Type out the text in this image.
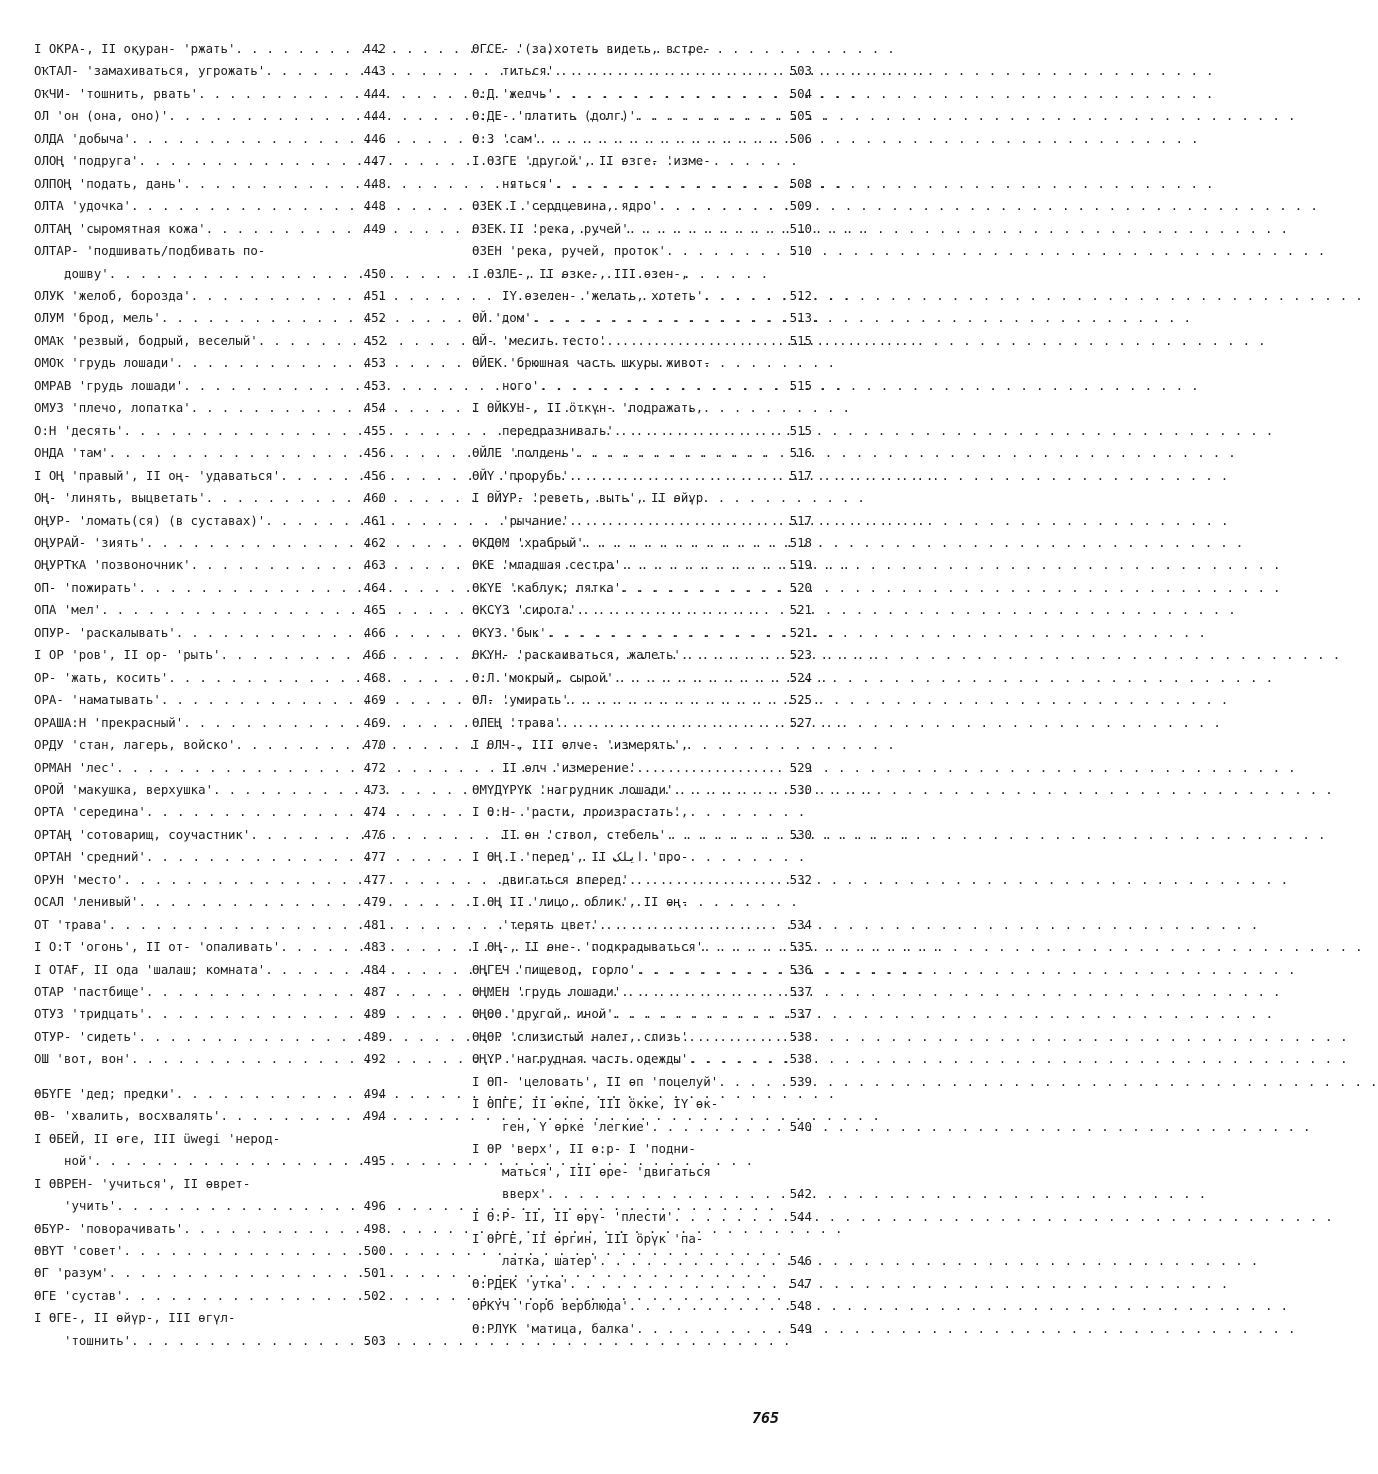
I ОКРА-, II оқуран- 'ржать' . . .	442
ОҠТАЛ- 'замахиваться, угрожать' . . .	443
ОҠЧИ- 'тошнить, рвать' . . .	444
ОЛ 'он (она, оно)' . . .	444
ОЛДА 'добыча' . . .	446
ОЛОҢ 'подруга' . . .	447
ОЛПОҢ 'подать, дань' . . .	448
ОЛТА 'удочка' . . .	448
ОЛТАҢ 'сыромятная кожа' . . .	449
ОЛТАР- 'подшивать/подбивать по-
дошву' . . .	450
ОЛУК 'желоб, борозда' . . .	451
ОЛУМ 'брод, мель' . . .	452
ОМАҠ 'резвый, бодрый, веселый' . . .	452
ОМОҠ 'грудь лошади' . . .	453
ОМРАВ 'грудь лошади' . . .	453
ОМУЗ 'плечо, лопатка' . . .	454
О:Н 'десять' . . .	455
ОНДА 'там' . . .	456
I ОҢ 'правый', II оң- 'удаваться' . . .	456
ОҢ- 'линять, выцветать' . . .	460
ОҢУР- 'ломать(ся) (в суставах)' . . .	461
ОҢУРАЙ- 'зиять' . . .	462
ОҢУРТҠА 'позвоночник' . . .	463
ОП- 'пожирать' . . .	464
ОПА 'мел' . . .	465
ОПУР- 'раскалывать' . . .	466
I ОР 'ров', II ор- 'рыть' . . .	466
ОР- 'жать, косить' . . .	468
ОРА- 'наматывать' . . .	469
ОРАША:Н 'прекрасный' . . .	469
ОРДУ 'стан, лагерь, войско' . . .	470
ОРМАН 'лес' . . .	472
ОРОЙ 'макушка, верхушка' . . .	473
ОРТА 'середина' . . .	474
ОРТАҢ 'сотоварищ, соучастник' . . .	476
ОРТАН 'средний' . . .	477
ОРУН 'место' . . .	477
ОСАЛ 'ленивый' . . .	479
ОТ 'трава' . . .	481
I О:Т 'огонь', II от- 'опаливать' . . .	483
I ОТАҒ, II ода 'шалаш; комната' . . .	484
ОТАР 'пастбище' . . .	487
ОТУЗ 'тридцать' . . .	489
ОТУР- 'сидеть' . . .	489
ОШ 'вот, вон' . . .	492
ӨБҮГЕ 'дед; предки' . . .	494
ӨВ- 'хвалить, восхвалять' . . .	494
I ӨБЕЙ, II өге, III üwegi 'нерод-
ной' . . .	495
I ӨВРЕН- 'учиться', II өврет-
'учить' . . .	496
ӨБҮР- 'поворачивать' . . .	498
ӨВҮТ 'совет' . . .	500
ӨГ 'разум' . . .	501
ӨГЕ 'сустав' . . .	502
I ӨГЕ-, II өйүр-, III өгүл-
'тошнить' . . .	503
ӨГСЕ- '(за)хотеть видеть, встре-
титься' . . .	503
Ө:Д 'желчь' . . .	504
Ө:ДЕ- 'платить (долг)' . . .	505
Ө:З 'сам' . . .	506
I ӨЗГЕ 'другой', II өзге- 'изме-
няться' . . .	508
ӨЗЕК I 'сердцевина, ядро' . . .	509
ӨЗЕК II 'река, ручей' . . .	510
ӨЗЕН 'река, ручей, проток' . . .	510
I ӨЗЛЕ-, II өзке-, III өзен-,
IY өзелен- 'желать, хотеть' . . .	512
ӨЙ 'дом' . . .	513
ӨЙ- 'месить тесто' . . .	515
ӨЙЕК 'брюшная часть шкуры живот-
ного' . . .	515
I ӨЙКУН-, II öткүн- 'подражать,
передразнивать' . . .	515
ӨЙЛЕ 'полдень' . . .	516
ӨЙҮ 'прорубь' . . .	517
I ӨЙҮР- 'реветь, выть', II өйүр
'рычание' . . .	517
ӨКДӨМ 'храбрый' . . .	518
ӨКЕ 'младшая сестра' . . .	519
ӨКҮЕ 'каблук; пятка' . . .	520
ӨКСҮЗ 'сирота' . . .	521
ӨКҮЗ 'бык' . . .	521
ӨКҮН- 'раскаиваться, жалеть' . . .	523
Ө:Л 'мокрый, сырой' . . .	524
ӨЛ- 'умирать' . . .	525
ӨЛЕҢ 'трава' . . .	527
I ӨЛЧ-, III өлче- 'измерять',
II өлч 'измерение' . . .	529
ӨМҮДҮРҮК 'нагрудник лошади' . . .	530
I Ө:Н- 'расти, произрастать',
II өн 'ствол, стебель' . . .	530
I ӨҢ I 'перед', II ایلک 'про-
двигаться вперед' . . .	532
I ӨҢ II 'лицо, облик', II өң-
'терять цвет' . . .	534
I ӨҢ-, II өне- 'подкрадываться' . . .	535
ӨҢГЕЧ 'пищевод, горло' . . .	536
ӨҢМЕН 'грудь лошади' . . .	537
ӨҢӨӨ 'другой, иной' . . .	537
ӨҢӨР 'слизистый налет, слизь' . . .	538
ӨҢҮР 'нагрудная часть одежды' . . .	538
I ӨП- 'целовать', II өп 'поцелуй' . . .	539
I ӨПГЕ, II өкпе, III öкке, IY өк-
ген, Y өрке 'легкие' . . .	540
I ӨР 'верх', II ө:р- I 'подни-
маться', III өре- 'двигаться
вверх' . . .	542
I Ө:Р- II, II өрү- 'плести' . . .	544
I ӨРГЕ, II өргин, III öрүк 'па-
латка, шатер' . . .	546
Ө:РДЕК 'утка' . . .	547
ӨРКҮЧ 'горб верблюда' . . .	548
Ө:РЛҮК 'матица, балка' . . .	549
765
